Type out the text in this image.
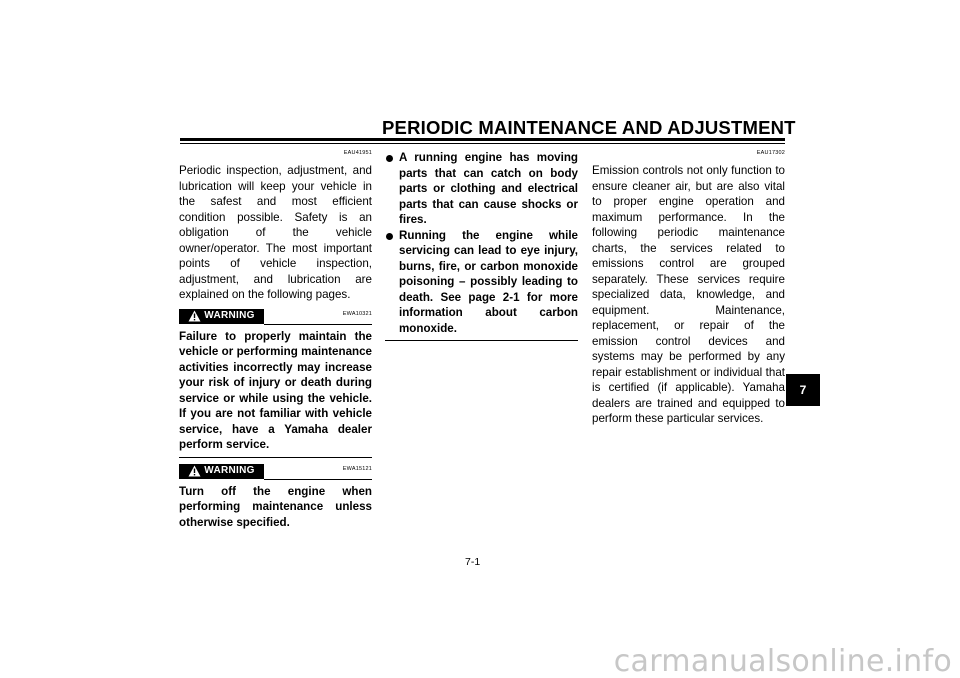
PERIODIC MAINTENANCE AND ADJUSTMENT
EAU41951

Periodic inspection, adjustment, and lubrication will keep your vehicle in the safest and most efficient condition possible. Safety is an obligation of the vehicle owner/operator. The most important points of vehicle inspection, adjustment, and lubrication are explained on the following pages.

WARNING	EWA10321

Failure to properly maintain the vehicle or performing maintenance activities incorrectly may increase your risk of injury or death during service or while using the vehicle. If you are not familiar with vehicle service, have a Yamaha dealer perform service.

WARNING	EWA15121

Turn off the engine when performing maintenance unless otherwise specified.

A running engine has moving parts that can catch on body parts or clothing and electrical parts that can cause shocks or fires.
Running the engine while servicing can lead to eye injury, burns, fire, or carbon monoxide poisoning – possibly leading to death. See page 2-1 for more information about carbon monoxide.
EAU17302

Emission controls not only function to ensure cleaner air, but are also vital to proper engine operation and maximum performance. In the following periodic maintenance charts, the services related to emissions control are grouped separately. These services require specialized data, knowledge, and equipment. Maintenance, replacement, or repair of the emission control devices and systems may be performed by any repair establishment or individual that is certified (if applicable). Yamaha dealers are trained and equipped to perform these particular services.

7-1
7
carmanualsonline.info
